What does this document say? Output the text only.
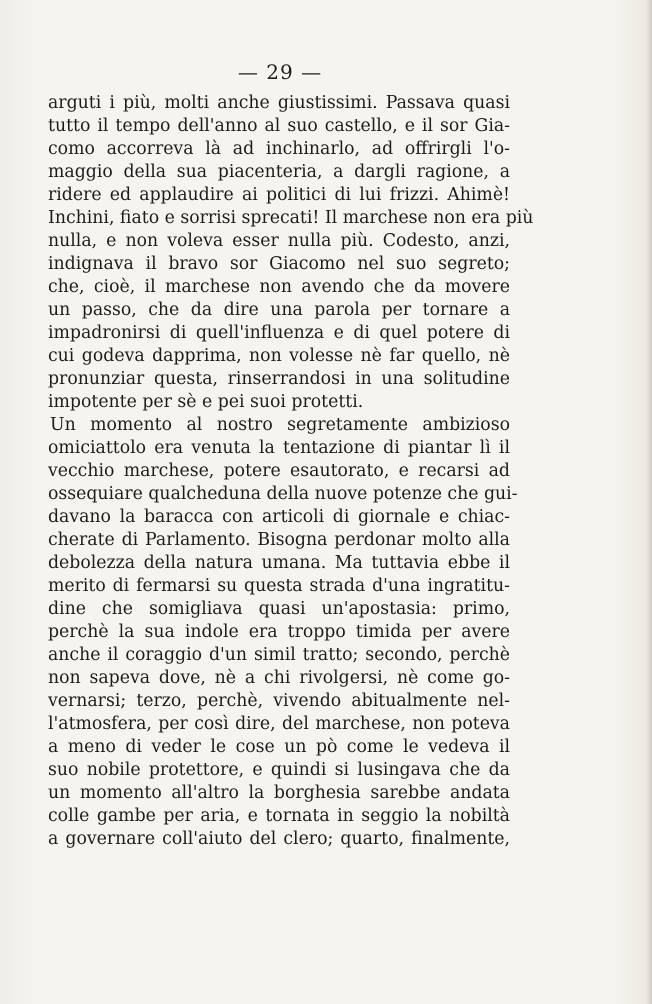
— 29 —
arguti i più, molti anche giustissimi. Passava quasi
tutto il tempo dell'anno al suo castello, e il sor Gia-
como accorreva là ad inchinarlo, ad offrirgli l'o-
maggio della sua piacenteria, a dargli ragione, a
ridere ed applaudire ai politici di lui frizzi. Ahimè!
Inchini, fiato e sorrisi sprecati! Il marchese non era più
nulla, e non voleva esser nulla più. Codesto, anzi,
indignava il bravo sor Giacomo nel suo segreto;
che, cioè, il marchese non avendo che da movere
un passo, che da dire una parola per tornare a
impadronirsi di quell'influenza e di quel potere di
cui godeva dapprima, non volesse nè far quello, nè
pronunziar questa, rinserrandosi in una solitudine
impotente per sè e pei suoi protetti.
Un momento al nostro segretamente ambizioso
omiciattolo era venuta la tentazione di piantar lì il
vecchio marchese, potere esautorato, e recarsi ad
ossequiare qualcheduna della nuove potenze che gui-
davano la baracca con articoli di giornale e chiac-
cherate di Parlamento. Bisogna perdonar molto alla
debolezza della natura umana. Ma tuttavia ebbe il
merito di fermarsi su questa strada d'una ingratitu-
dine che somigliava quasi un'apostasia: primo,
perchè la sua indole era troppo timida per avere
anche il coraggio d'un simil tratto; secondo, perchè
non sapeva dove, nè a chi rivolgersi, nè come go-
vernarsi; terzo, perchè, vivendo abitualmente nel-
l'atmosfera, per così dire, del marchese, non poteva
a meno di veder le cose un pò come le vedeva il
suo nobile protettore, e quindi si lusingava che da
un momento all'altro la borghesia sarebbe andata
colle gambe per aria, e tornata in seggio la nobiltà
a governare coll'aiuto del clero; quarto, finalmente,
